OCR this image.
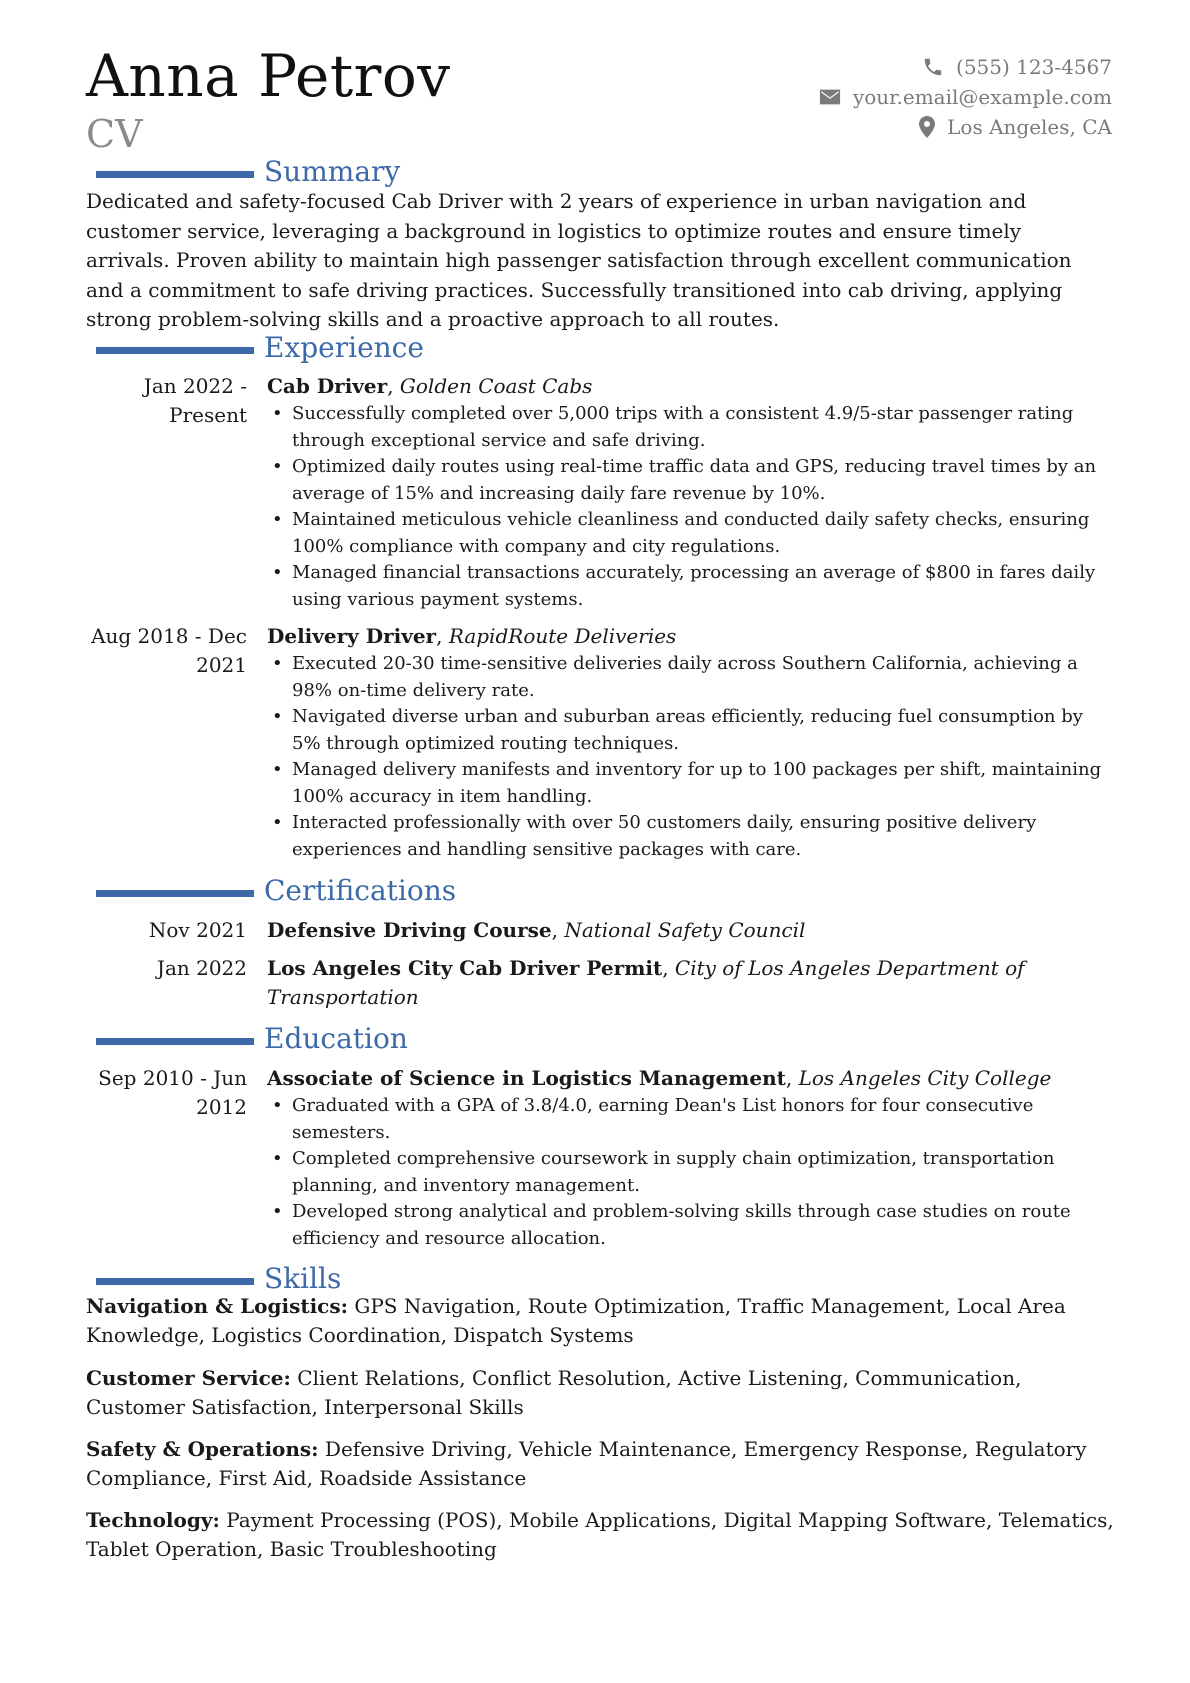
Anna Petrov
CV
(555) 123-4567
your.email@example.com
Los Angeles, CA
Summary
Dedicated and safety-focused Cab Driver with 2 years of experience in urban navigation and customer service, leveraging a background in logistics to optimize routes and ensure timely arrivals. Proven ability to maintain high passenger satisfaction through excellent communication and a commitment to safe driving practices. Successfully transitioned into cab driving, applying strong problem-solving skills and a proactive approach to all routes.
Experience
Jan 2022 - Present
Cab Driver, Golden Coast Cabs
• Successfully completed over 5,000 trips with a consistent 4.9/5-star passenger rating through exceptional service and safe driving.
• Optimized daily routes using real-time traffic data and GPS, reducing travel times by an average of 15% and increasing daily fare revenue by 10%.
• Maintained meticulous vehicle cleanliness and conducted daily safety checks, ensuring 100% compliance with company and city regulations.
• Managed financial transactions accurately, processing an average of $800 in fares daily using various payment systems.
Aug 2018 - Dec 2021
Delivery Driver, RapidRoute Deliveries
• Executed 20-30 time-sensitive deliveries daily across Southern California, achieving a 98% on-time delivery rate.
• Navigated diverse urban and suburban areas efficiently, reducing fuel consumption by 5% through optimized routing techniques.
• Managed delivery manifests and inventory for up to 100 packages per shift, maintaining 100% accuracy in item handling.
• Interacted professionally with over 50 customers daily, ensuring positive delivery experiences and handling sensitive packages with care.
Certifications
Nov 2021 Defensive Driving Course, National Safety Council
Jan 2022 Los Angeles City Cab Driver Permit, City of Los Angeles Department of Transportation
Education
Sep 2010 - Jun 2012
Associate of Science in Logistics Management, Los Angeles City College
• Graduated with a GPA of 3.8/4.0, earning Dean's List honors for four consecutive semesters.
• Completed comprehensive coursework in supply chain optimization, transportation planning, and inventory management.
• Developed strong analytical and problem-solving skills through case studies on route efficiency and resource allocation.
Skills
Navigation & Logistics: GPS Navigation, Route Optimization, Traffic Management, Local Area Knowledge, Logistics Coordination, Dispatch Systems
Customer Service: Client Relations, Conflict Resolution, Active Listening, Communication, Customer Satisfaction, Interpersonal Skills
Safety & Operations: Defensive Driving, Vehicle Maintenance, Emergency Response, Regulatory Compliance, First Aid, Roadside Assistance
Technology: Payment Processing (POS), Mobile Applications, Digital Mapping Software, Telematics, Tablet Operation, Basic Troubleshooting
